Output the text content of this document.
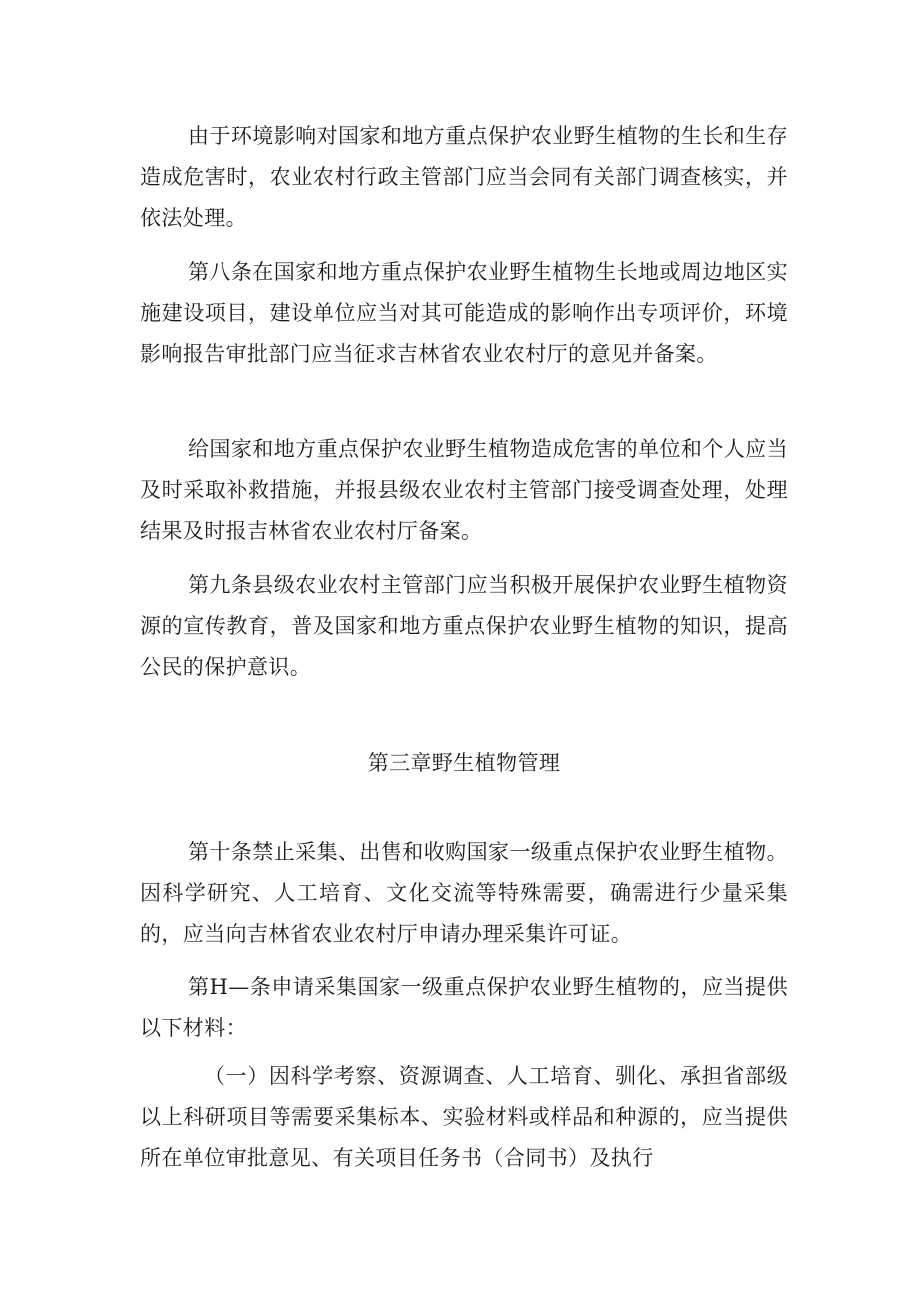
由于环境影响对国家和地方重点保护农业野生植物的生长和生存造成危害时，农业农村行政主管部门应当会同有关部门调查核实，并依法处理。

第八条在国家和地方重点保护农业野生植物生长地或周边地区实施建设项目，建设单位应当对其可能造成的影响作出专项评价，环境影响报告审批部门应当征求吉林省农业农村厅的意见并备案。

给国家和地方重点保护农业野生植物造成危害的单位和个人应当及时采取补救措施，并报县级农业农村主管部门接受调查处理，处理结果及时报吉林省农业农村厅备案。

第九条县级农业农村主管部门应当积极开展保护农业野生植物资源的宣传教育，普及国家和地方重点保护农业野生植物的知识，提高公民的保护意识。

第三章野生植物管理

第十条禁止采集、出售和收购国家一级重点保护农业野生植物。因科学研究、人工培育、文化交流等特殊需要，确需进行少量采集的，应当向吉林省农业农村厅申请办理采集许可证。

第H—条申请采集国家一级重点保护农业野生植物的，应当提供以下材料：

（一）因科学考察、资源调查、人工培育、驯化、承担省部级以上科研项目等需要采集标本、实验材料或样品和种源的，应当提供所在单位审批意见、有关项目任务书（合同书）及执行
